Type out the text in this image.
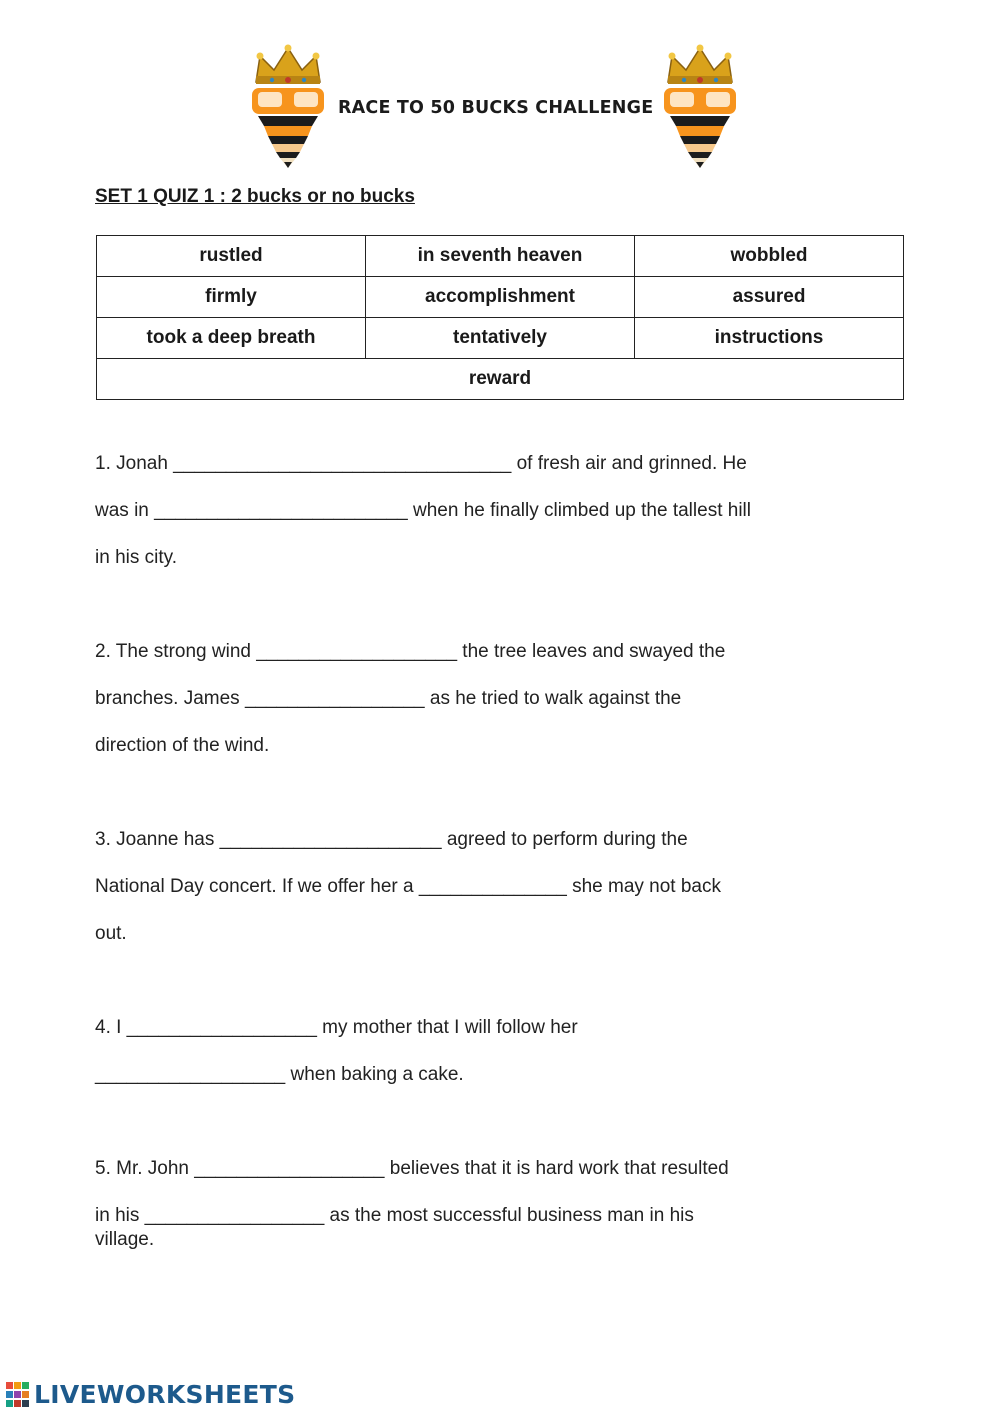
RACE TO 50 BUCKS CHALLENGE
SET 1 QUIZ 1 : 2 bucks or no bucks
rustled	in seventh heaven	wobbled
firmly	accomplishment	assured
took a deep breath	tentatively	instructions
reward		
1. Jonah ________________________________ of fresh air and grinned. He
was in ________________________ when he finally climbed up the tallest hill
in his city.
2. The strong wind ___________________ the tree leaves and swayed the
branches. James _________________ as he tried to walk against the
direction of the wind.
3. Joanne has _____________________ agreed to perform during the
National Day concert. If we offer her a ______________ she may not back
out.
4. I __________________ my mother that I will follow her
__________________ when baking a cake.
5. Mr. John __________________ believes that it is hard work that resulted
in his _________________ as the most successful business man in his
village.
LIVEWORKSHEETS
